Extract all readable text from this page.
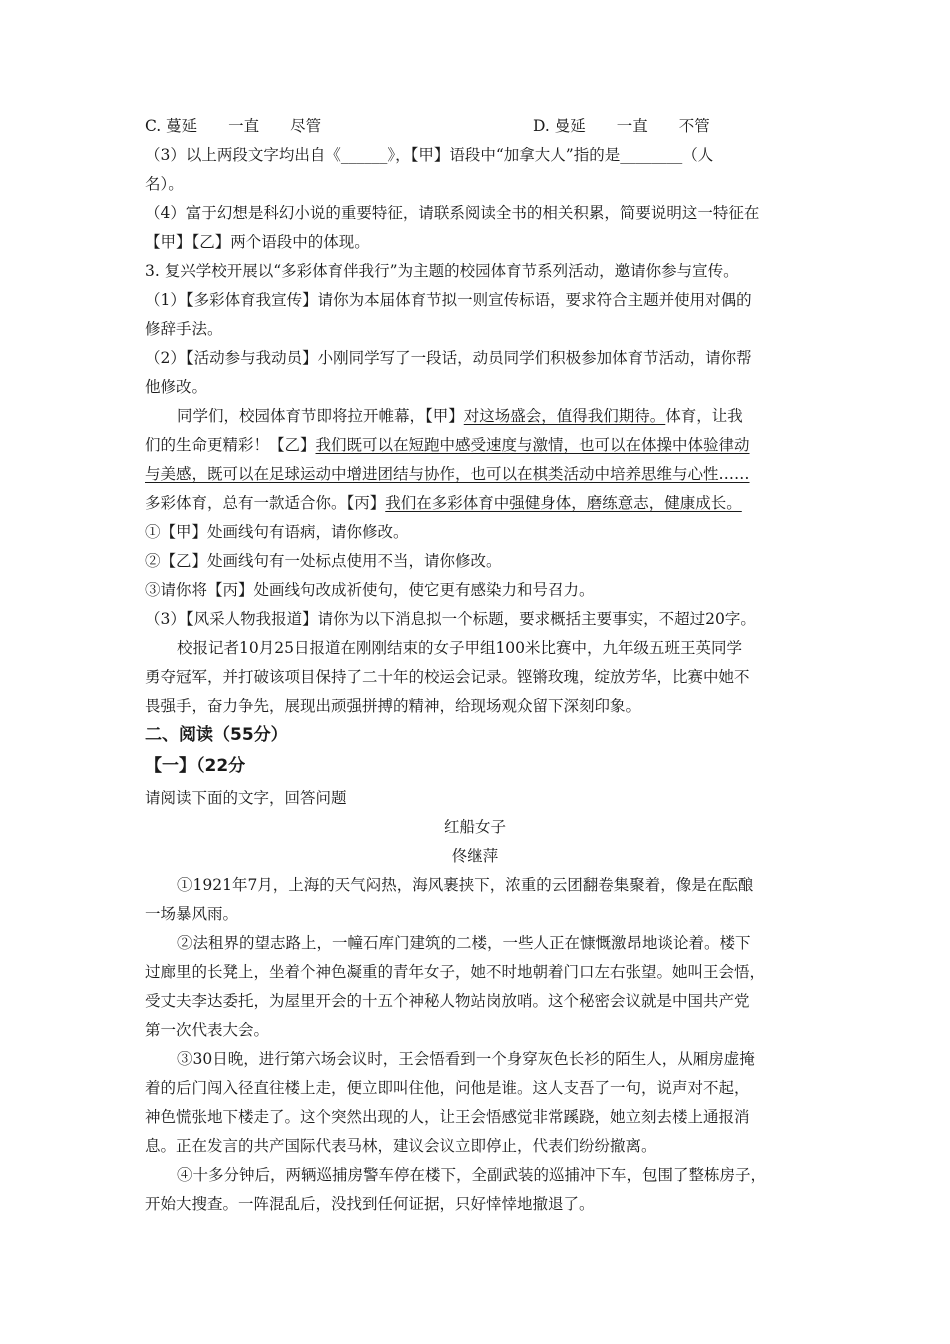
C. 蔓延　　一直　　尽管	D. 曼延　　一直　　不管
（3）以上两段文字均出自《______》，【甲】语段中“加拿大人”指的是________（人
名）。
（4）富于幻想是科幻小说的重要特征，请联系阅读全书的相关积累，简要说明这一特征在
【甲】【乙】两个语段中的体现。
3. 复兴学校开展以“多彩体育伴我行”为主题的校园体育节系列活动，邀请你参与宣传。
（1）【多彩体育我宣传】请你为本届体育节拟一则宣传标语，要求符合主题并使用对偶的
修辞手法。
（2）【活动参与我动员】小刚同学写了一段话，动员同学们积极参加体育节活动，请你帮
他修改。
同学们，校园体育节即将拉开帷幕，【甲】对这场盛会，值得我们期待。体育，让我
们的生命更精彩！【乙】我们既可以在短跑中感受速度与激情，也可以在体操中体验律动
与美感，既可以在足球运动中增进团结与协作，也可以在棋类活动中培养思维与心性……
多彩体育，总有一款适合你。【丙】我们在多彩体育中强健身体，磨练意志，健康成长。
①【甲】处画线句有语病，请你修改。
②【乙】处画线句有一处标点使用不当，请你修改。
③请你将【丙】处画线句改成祈使句，使它更有感染力和号召力。
（3）【风采人物我报道】请你为以下消息拟一个标题，要求概括主要事实，不超过20字。
校报记者10月25日报道在刚刚结束的女子甲组100米比赛中，九年级五班王英同学
勇夺冠军，并打破该项目保持了二十年的校运会记录。铿锵玫瑰，绽放芳华，比赛中她不
畏强手，奋力争先，展现出顽强拼搏的精神，给现场观众留下深刻印象。
二、阅读（55分）
【一】（22分
请阅读下面的文字，回答问题
红船女子
佟继萍
①1921年7月，上海的天气闷热，海风裹挟下，浓重的云团翻卷集聚着，像是在酝酿
一场暴风雨。
②法租界的望志路上，一幢石库门建筑的二楼，一些人正在慷慨激昂地谈论着。楼下
过廊里的长凳上，坐着个神色凝重的青年女子，她不时地朝着门口左右张望。她叫王会悟，
受丈夫李达委托，为屋里开会的十五个神秘人物站岗放哨。这个秘密会议就是中国共产党
第一次代表大会。
③30日晚，进行第六场会议时，王会悟看到一个身穿灰色长衫的陌生人，从厢房虚掩
着的后门闯入径直往楼上走，便立即叫住他，问他是谁。这人支吾了一句，说声对不起，
神色慌张地下楼走了。这个突然出现的人，让王会悟感觉非常蹊跷，她立刻去楼上通报消
息。正在发言的共产国际代表马林，建议会议立即停止，代表们纷纷撤离。
④十多分钟后，两辆巡捕房警车停在楼下，全副武装的巡捕冲下车，包围了整栋房子，
开始大搜查。一阵混乱后，没找到任何证据，只好悻悻地撤退了。
